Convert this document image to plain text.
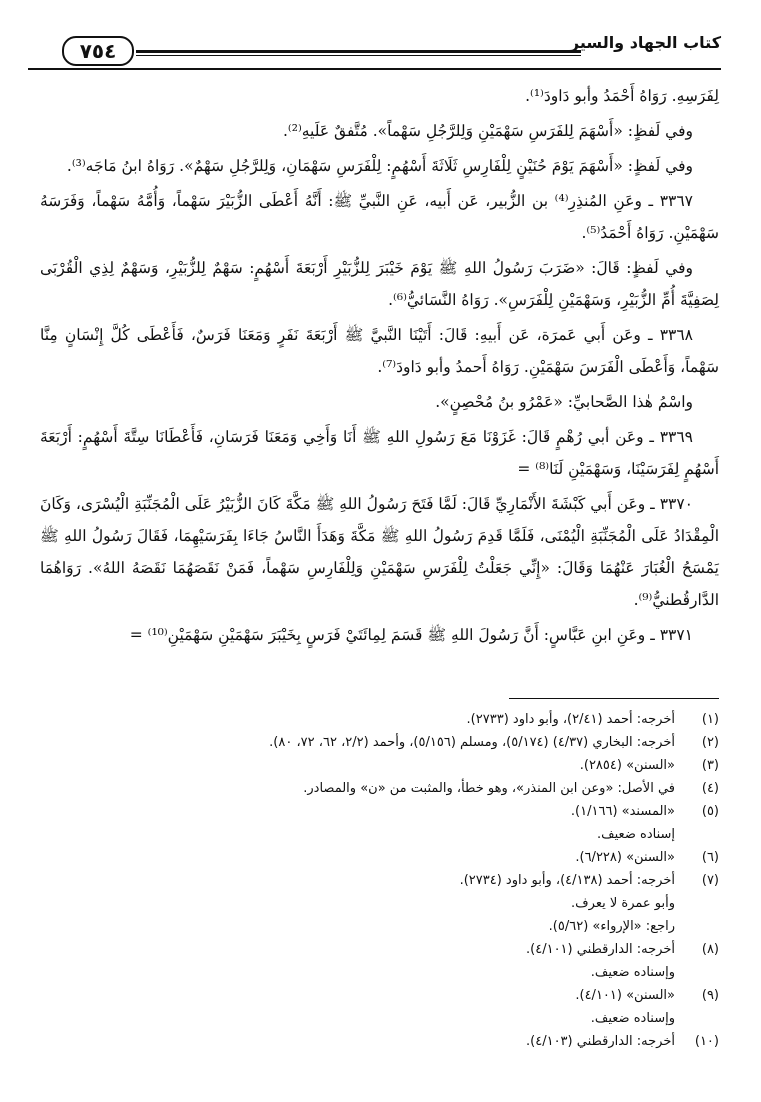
كتاب الجهاد والسير
٧٥٤

لِفَرَسِهِ. رَوَاهُ أَحْمَدُ وأبو دَاودَ⁽¹⁾.

وفي لَفظٍ: «أَسْهَمَ لِلفَرَسِ سَهْمَيْنِ وَلِلرَّجُلِ سَهْماً». مُتَّفقٌ عَلَيهِ⁽²⁾.

وفي لَفظٍ: «أَسْهَمَ يَوْمَ حُنَيْنٍ لِلْفَارِسِ ثَلَاثَةَ أَسْهُمٍ: لِلْفَرَسِ سَهْمَانِ، وَلِلرَّجُلِ سَهْمٌ». رَوَاهُ ابنُ مَاجَه⁽³⁾.

٣٣٦٧ ـ وعَنِ المُنذِرِ⁽⁴⁾ بن الزُّبير، عَن أَبيه، عَنِ النَّبيِّ ﷺ: أَنَّهُ أَعْطَى الزُّبَيْرَ سَهْماً، وَأُمَّهُ سَهْماً، وَفَرَسَهُ سَهْمَيْنِ. رَوَاهُ أَحْمَدُ⁽⁵⁾.

وفي لَفظٍ: قَالَ: «ضَرَبَ رَسُولُ اللهِ ﷺ يَوْمَ خَيْبَرَ لِلزُّبَيْرِ أَرْبَعَةَ أَسْهُمٍ: سَهْمٌ لِلزُّبَيْرِ، وَسَهْمٌ لِذِي الْقُرْبَى لِصَفِيَّةَ أُمِّ الزُّبَيْرِ، وَسَهْمَيْنِ لِلْفَرَسِ». رَوَاهُ النَّسَائيُّ⁽⁶⁾.

٣٣٦٨ ـ وعَن أَبي عَمرَة، عَن أَبيهِ: قَالَ: أَتَيْنَا النَّبيَّ ﷺ أَرْبَعَةَ نَفَرٍ وَمَعَنَا فَرَسٌ، فَأَعْطَى كُلَّ إِنْسَانٍ مِنَّا سَهْماً، وَأَعْطَى الْفَرَسَ سَهْمَيْنِ. رَوَاهُ أَحمدُ وأبو دَاودَ⁽⁷⁾.

واسْمُ هٰذا الصَّحابيِّ: «عَمْرُو بنُ مُحْصِنٍ».

٣٣٦٩ ـ وعَن أبي رُهْمٍ قَالَ: غَزَوْنَا مَعَ رَسُولِ اللهِ ﷺ أَنَا وَأَخِي وَمَعَنَا فَرَسَانِ، فَأَعْطَانَا سِتَّةَ أَسْهُمٍ: أَرْبَعَةَ أَسْهُمٍ لِفَرَسَيْنَا، وَسَهْمَيْنِ لَنَا⁽⁸⁾ =

٣٣٧٠ ـ وعَن أَبي كَبْشَةَ الأَنْمَارِيِّ قَالَ: لَمَّا فَتَحَ رَسُولُ اللهِ ﷺ مَكَّةَ كَانَ الزُّبَيْرُ عَلَى الْمُجَنِّبَةِ الْيُسْرَى، وَكَانَ الْمِقْدَادُ عَلَى الْمُجَنِّبَةِ الْيُمْنَى، فَلَمَّا قَدِمَ رَسُولُ اللهِ ﷺ مَكَّةَ وَهَدَأَ النَّاسُ جَاءَا بِفَرَسَيْهِمَا، فَقَالَ رَسُولُ اللهِ ﷺ يَمْسَحُ الْغُبَارَ عَنْهُمَا وَقَالَ: «إِنِّي جَعَلْتُ لِلْفَرَسِ سَهْمَيْنِ وَلِلْفَارِسِ سَهْماً، فَمَنْ نَقَصَهُمَا نَقَصَهُ اللهُ». رَوَاهُمَا الدَّارقُطنيُّ⁽⁹⁾.

٣٣٧١ ـ وعَنِ ابنِ عَبَّاسٍ: أَنَّ رَسُولَ اللهِ ﷺ قَسَمَ لِمِائَتَيْ فَرَسٍ بِخَيْبَرَ سَهْمَيْنِ سَهْمَيْنِ⁽¹⁰⁾ =

(١)
أخرجه: أحمد (٢/٤١)، وأبو داود (٢٧٣٣).
(٢)
أخرجه: البخاري (٤/٣٧) (٥/١٧٤)، ومسلم (٥/١٥٦)، وأحمد (٢/٢، ٦٢، ٧٢، ٨٠).
(٣)
«السنن» (٢٨٥٤).
(٤)
في الأصل: «وعن ابن المنذر»، وهو خطأ، والمثبت من «ن» والمصادر.
(٥)
«المسند» (١/١٦٦).
إسناده ضعيف.
(٦)
«السنن» (٦/٢٢٨).
(٧)
أخرجه: أحمد (٤/١٣٨)، وأبو داود (٢٧٣٤).
وأبو عمرة لا يعرف.
راجع: «الإرواء» (٥/٦٢).
(٨)
أخرجه: الدارقطني (٤/١٠١).
وإسناده ضعيف.
(٩)
«السنن» (٤/١٠١).
وإسناده ضعيف.
(١٠)
أخرجه: الدارقطني (٤/١٠٣).
